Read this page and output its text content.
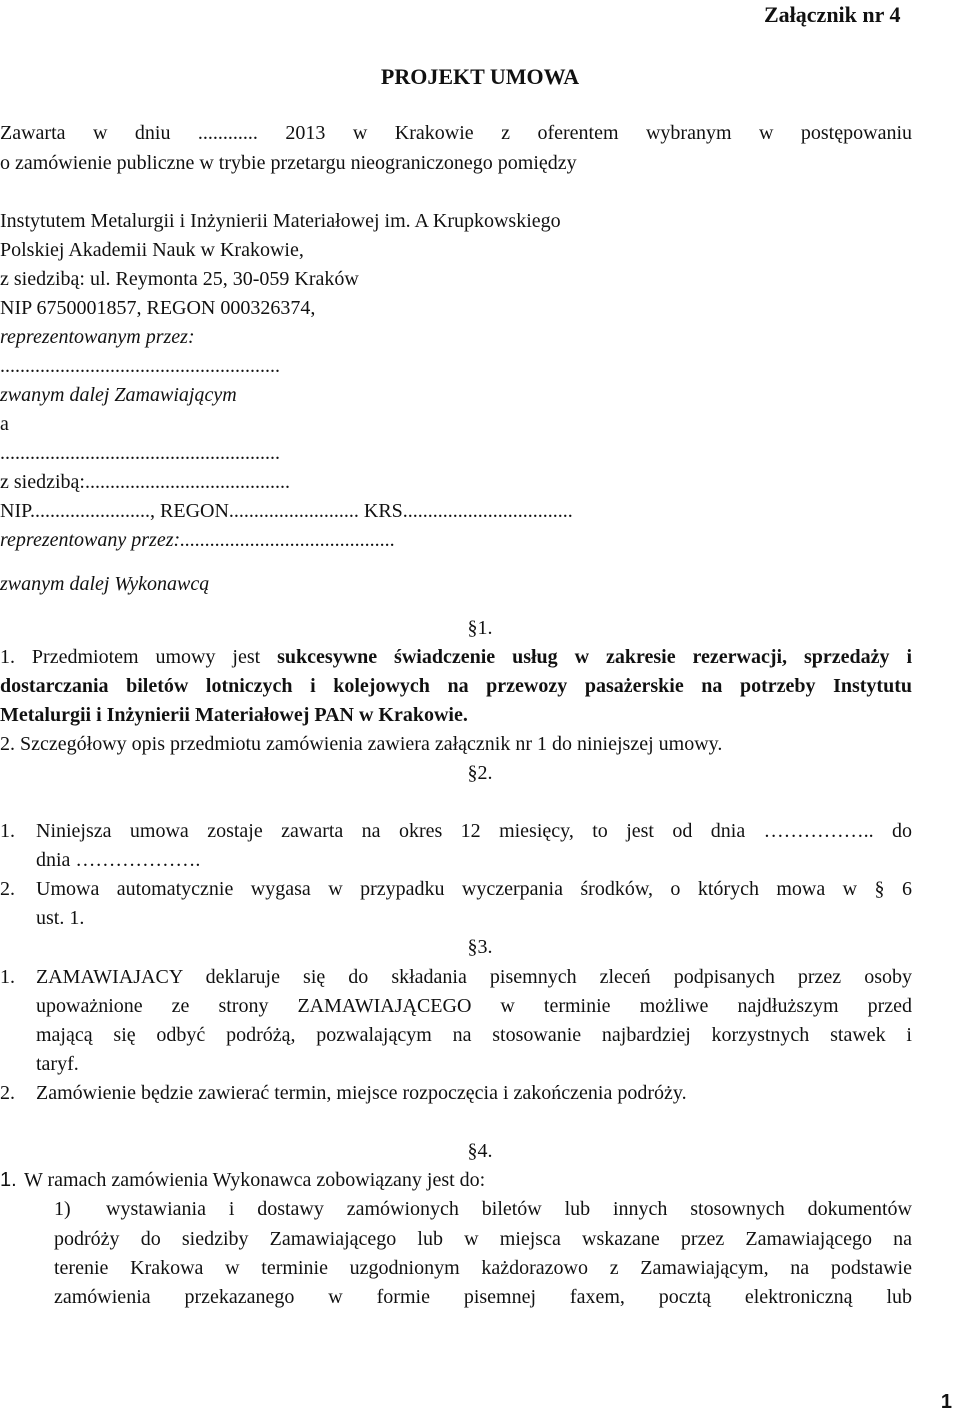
Załącznik nr 4
PROJEKT UMOWA
Zawarta w dniu ............ 2013 w Krakowie z oferentem wybranym w postępowaniu
o zamówienie publiczne w trybie przetargu nieograniczonego pomiędzy
Instytutem Metalurgii i Inżynierii Materiałowej im. A Krupkowskiego
Polskiej Akademii Nauk w Krakowie,
z siedzibą: ul. Reymonta 25, 30-059 Kraków
NIP 6750001857, REGON 000326374,
reprezentowanym przez:
........................................................
zwanym dalej Zamawiającym
a
........................................................
z siedzibą:.........................................
NIP........................, REGON.......................... KRS..................................
reprezentowany przez:...........................................
zwanym dalej Wykonawcą
§1.
1. Przedmiotem umowy jest sukcesywne świadczenie usług w zakresie rezerwacji, sprzedaży i
dostarczania biletów lotniczych i kolejowych na przewozy pasażerskie na potrzeby Instytutu
Metalurgii i Inżynierii Materiałowej PAN w Krakowie.
2. Szczegółowy opis przedmiotu zamówienia zawiera załącznik nr 1 do niniejszej umowy.
§2.
1. Niniejsza umowa zostaje zawarta na okres 12 miesięcy, to jest od dnia …………….. do
dnia ……………….
2. Umowa automatycznie wygasa w przypadku wyczerpania środków, o których mowa w § 6
ust. 1.
§3.
1. ZAMAWIAJACY deklaruje się do składania pisemnych zleceń podpisanych przez osoby
upoważnione ze strony ZAMAWIAJĄCEGO w terminie możliwe najdłuższym przed
mającą się odbyć podróżą, pozwalającym na stosowanie najbardziej korzystnych stawek i
taryf.
2. Zamówienie będzie zawierać termin, miejsce rozpoczęcia i zakończenia podróży.
§4.
1. W ramach zamówienia Wykonawca zobowiązany jest do:
1) wystawiania i dostawy zamówionych biletów lub innych stosownych dokumentów
podróży do siedziby Zamawiającego lub w miejsca wskazane przez Zamawiającego na
terenie Krakowa w terminie uzgodnionym każdorazowo z Zamawiającym, na podstawie
zamówienia przekazanego w formie pisemnej faxem, pocztą elektroniczną lub
1
